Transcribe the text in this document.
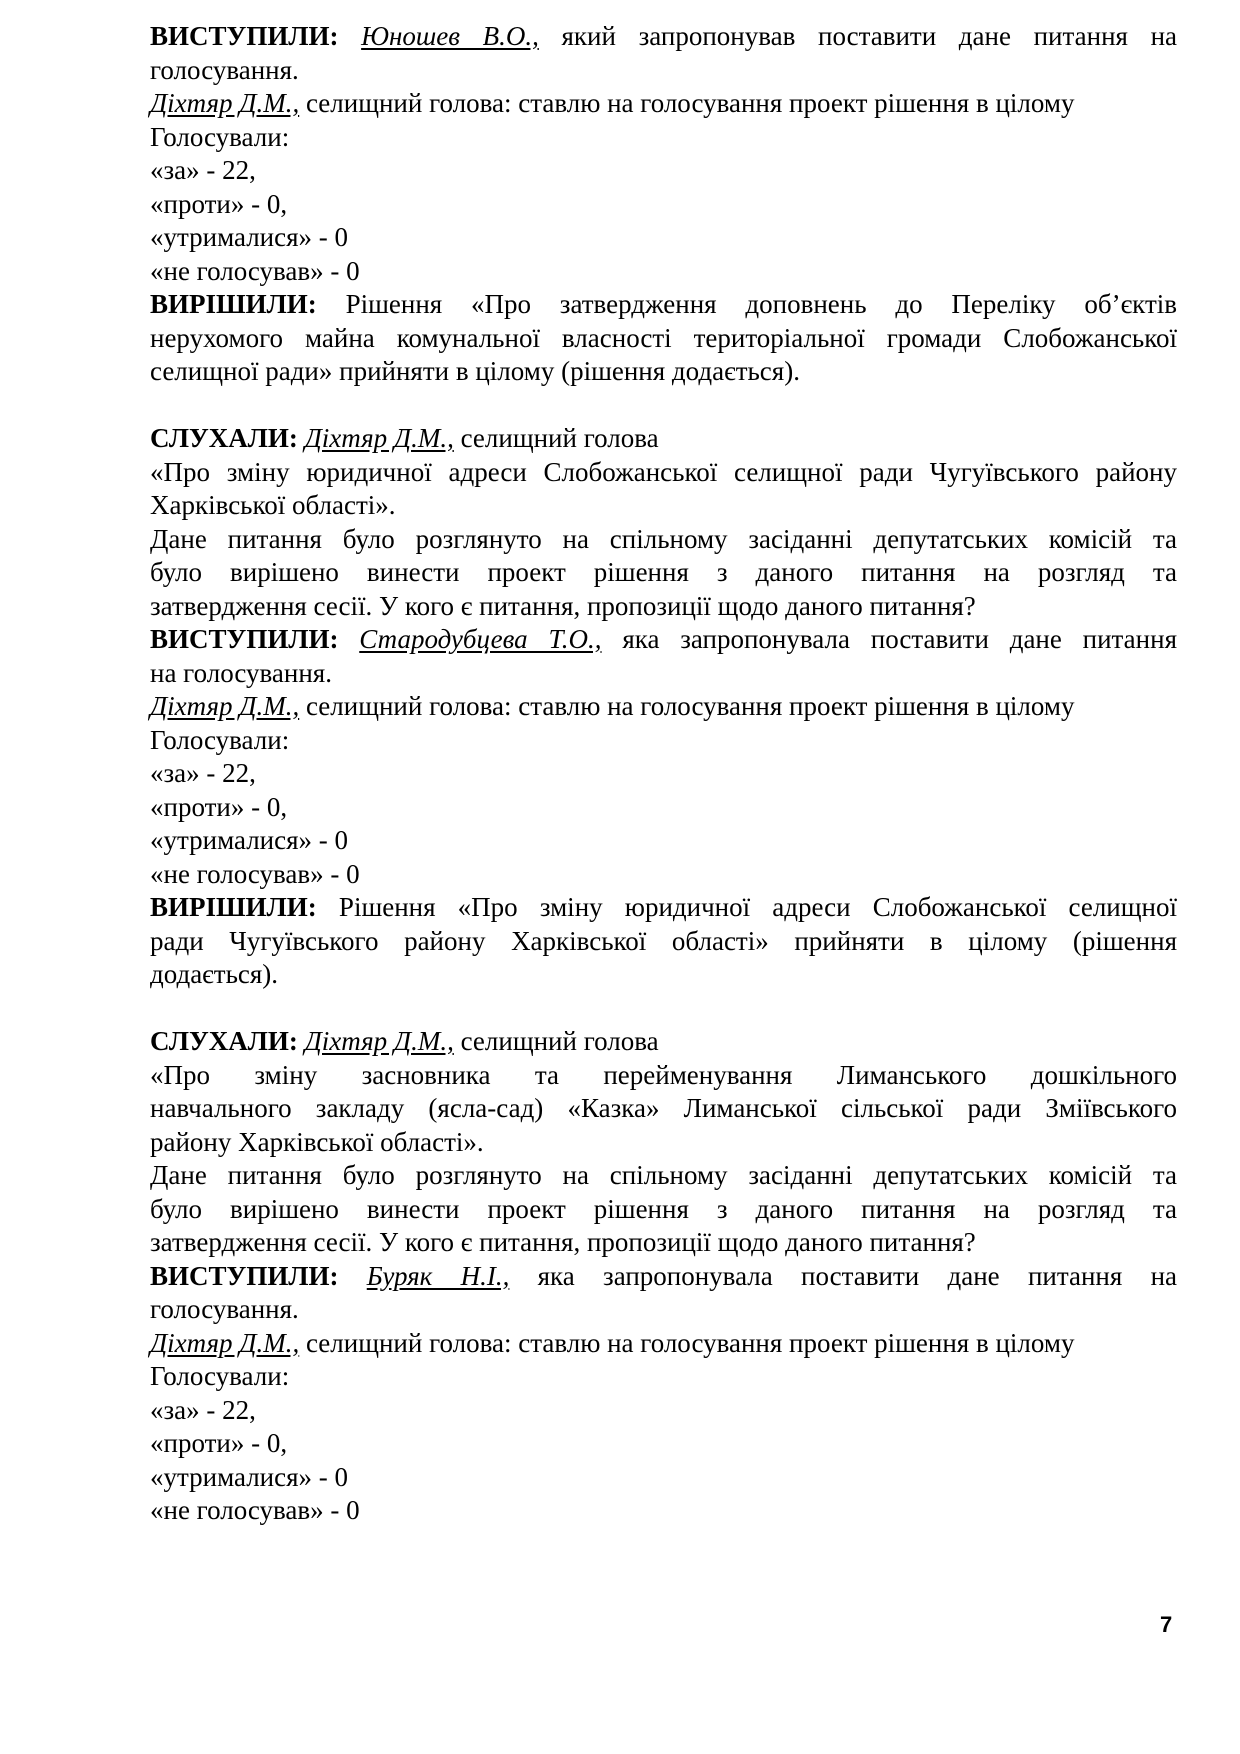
ВИСТУПИЛИ: Юношев В.О., який запропонував поставити дане питання на

голосування.

Діхтяр Д.М., селищний голова: ставлю на голосування проект рішення в цілому

Голосували:

«за» - 22,

«проти» - 0,

«утрималися» - 0

«не голосував» - 0

ВИРІШИЛИ: Рішення «Про затвердження доповнень до Переліку об’єктів

нерухомого майна комунальної власності територіальної громади Слобожанської

селищної ради» прийняти в цілому (рішення додається).

СЛУХАЛИ: Діхтяр Д.М., селищний голова

«Про зміну юридичної адреси Слобожанської селищної ради Чугуївського району

Харківської області».

Дане питання було розглянуто на спільному засіданні депутатських комісій та

було вирішено винести проект рішення з даного питання на розгляд та

затвердження сесії. У кого є питання, пропозиції щодо даного питання?

ВИСТУПИЛИ: Стародубцева Т.О., яка запропонувала поставити дане питання

на голосування.

Діхтяр Д.М., селищний голова: ставлю на голосування проект рішення в цілому

Голосували:

«за» - 22,

«проти» - 0,

«утрималися» - 0

«не голосував» - 0

ВИРІШИЛИ: Рішення «Про зміну юридичної адреси Слобожанської селищної

ради Чугуївського району Харківської області» прийняти в цілому (рішення

додається).

СЛУХАЛИ: Діхтяр Д.М., селищний голова

«Про зміну засновника та перейменування Лиманського дошкільного

навчального закладу (ясла-сад) «Казка» Лиманської сільської ради Зміївського

району Харківської області».

Дане питання було розглянуто на спільному засіданні депутатських комісій та

було вирішено винести проект рішення з даного питання на розгляд та

затвердження сесії. У кого є питання, пропозиції щодо даного питання?

ВИСТУПИЛИ: Буряк Н.І., яка запропонувала поставити дане питання на

голосування.

Діхтяр Д.М., селищний голова: ставлю на голосування проект рішення в цілому

Голосували:

«за» - 22,

«проти» - 0,

«утрималися» - 0

«не голосував» - 0

7
